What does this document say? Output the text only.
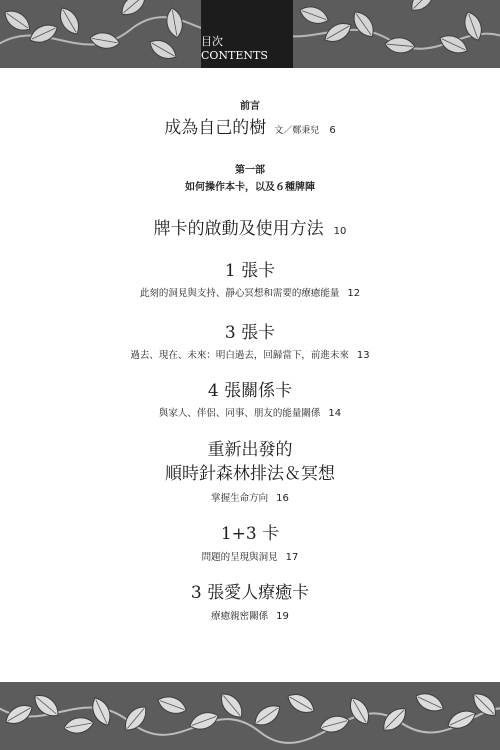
目次 CONTENTS
前言
成為自己的樹 文／鄭秉兒 6
第一部
如何操作本卡，以及６種牌陣
牌卡的啟動及使用方法 10
1 張卡
此刻的洞見與支持、靜心冥想和需要的療癒能量 12
3 張卡
過去、現在、未來：明白過去，回歸當下，前進未來 13
4 張關係卡
與家人、伴侶、同事、朋友的能量關係 14
重新出發的
順時針森林排法＆冥想
掌握生命方向 16
1+3 卡
問題的呈現與洞見 17
3 張愛人療癒卡
療癒親密關係 19
